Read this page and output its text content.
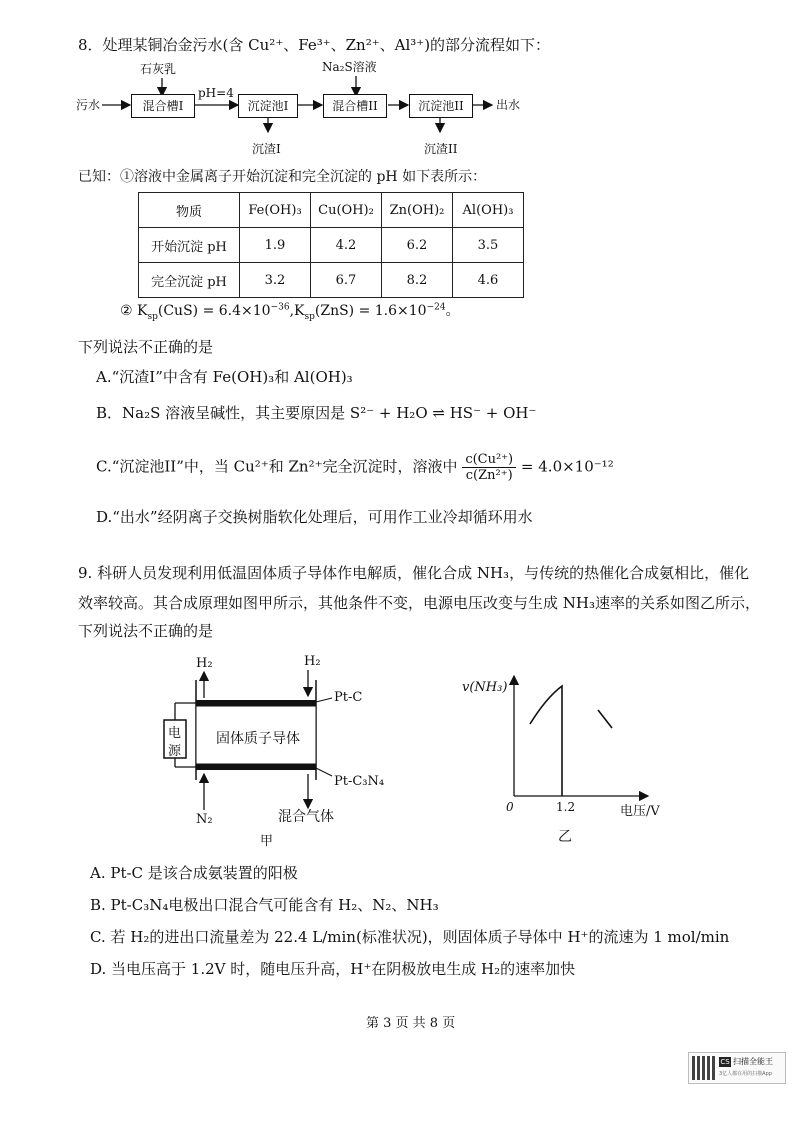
8．处理某铜冶金污水(含 Cu²⁺、Fe³⁺、Zn²⁺、Al³⁺)的部分流程如下：
石灰乳	Na₂S溶液
污水	混合槽I
pH=4
沉淀池I	混合槽II	沉淀池II	出水
沉渣I	沉渣II
已知：①溶液中金属离子开始沉淀和完全沉淀的 pH 如下表所示：
物质	Fe(OH)₃	Cu(OH)₂	Zn(OH)₂	Al(OH)₃
开始沉淀 pH	1.9	4.2	6.2	3.5
完全沉淀 pH	3.2	6.7	8.2	4.6
② $K_{sp}(CuS) = 6.4\times 10^{-36},K_{sp}(ZnS) = 1.6\times 10^{-24}$。
下列说法不正确的是
A.“沉渣I”中含有 Fe(OH)₃和 Al(OH)₃
B．Na₂S 溶液呈碱性，其主要原因是 S²⁻ + H₂O ⇌ HS⁻ + OH⁻
C.“沉淀池II”中，当 Cu²⁺和 Zn²⁺完全沉淀时，溶液中 $\frac{\text{c(Cu²⁺)}}{\text{c(Zn²⁺)}} = 4.0\times 10^{-12}$
D.“出水”经阴离子交换树脂软化处理后，可用作工业冷却循环用水
9. 科研人员发现利用低温固体质子导体作电解质，催化合成 NH₃，与传统的热催化合成氨相比，催化
效率较高。其合成原理如图甲所示，其他条件不变，电源电压改变与生成 NH₃速率的关系如图乙所示，
下列说法不正确的是
H₂	H₂
Pt-C
电
源
固体质子导体
Pt-C₃N₄
N₂	混合气体
甲
v(NH₃)
0	1.2	电压/V
乙
A. Pt-C 是该合成氨装置的阳极
B. Pt-C₃N₄电极出口混合气可能含有 H₂、N₂、NH₃
C. 若 H₂的进出口流量差为 22.4 L/min(标准状况)，则固体质子导体中 H⁺的流速为 1 mol/min
D. 当电压高于 1.2V 时，随电压升高，H⁺在阴极放电生成 H₂的速率加快
第 3 页 共 8 页
CS 扫描全能王
3亿人都在用的扫描App
